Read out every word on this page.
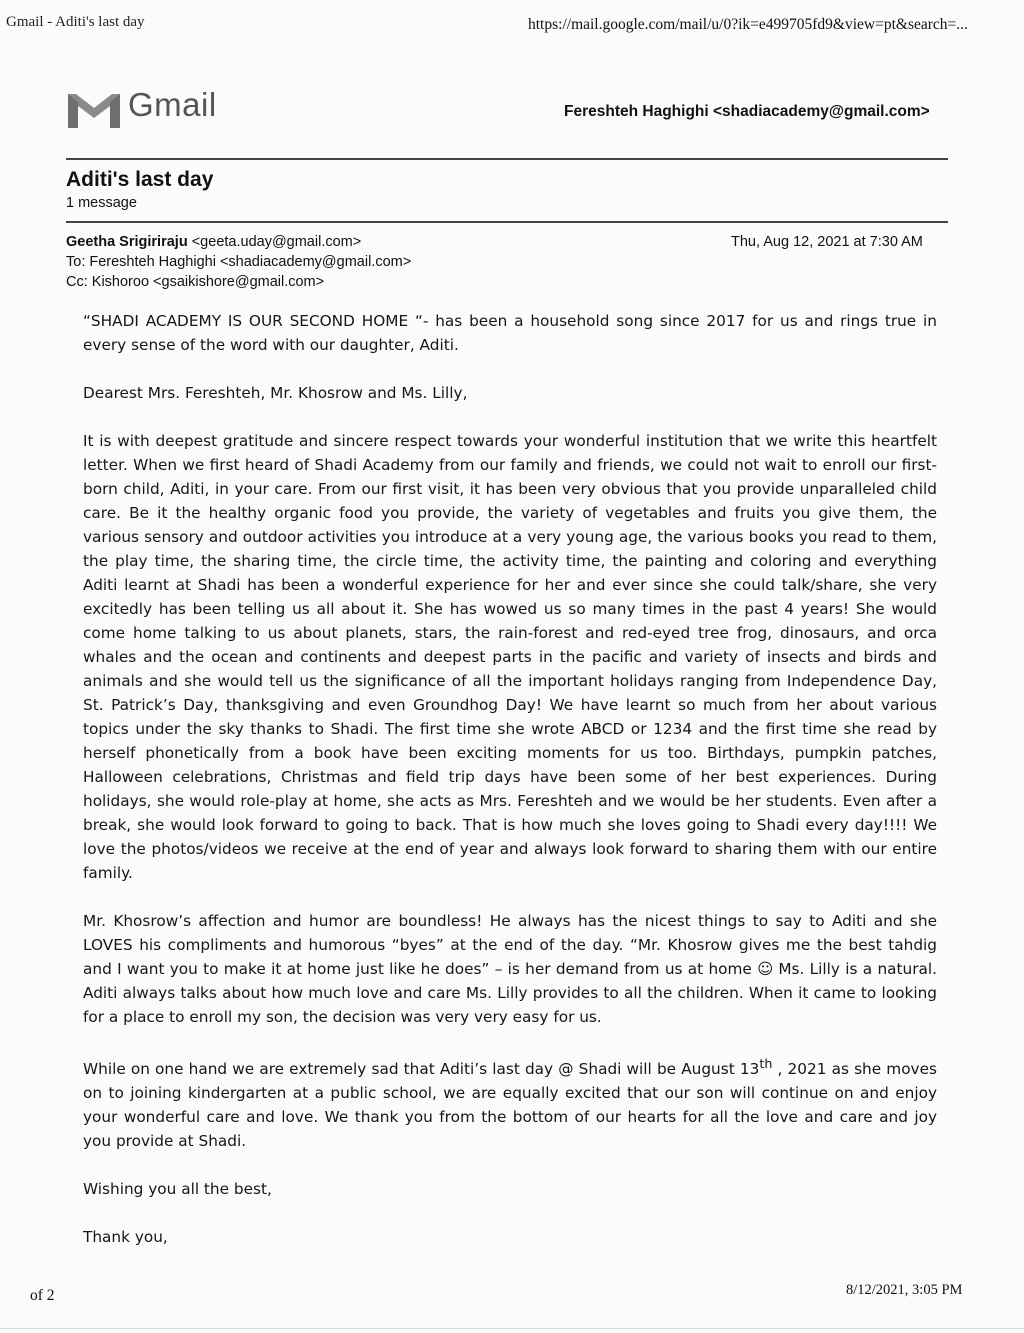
Gmail - Aditi's last day	https://mail.google.com/mail/u/0?ik=e499705fd9&view=pt&search=...
Gmail	Fereshteh Haghighi <shadiacademy@gmail.com>
Aditi's last day
1 message
Geetha Srigiriraju <geeta.uday@gmail.com>	Thu, Aug 12, 2021 at 7:30 AM
To: Fereshteh Haghighi <shadiacademy@gmail.com>
Cc: Kishoroo <gsaikishore@gmail.com>

“SHADI ACADEMY IS OUR SECOND HOME “- has been a household song since 2017 for us and rings true in every sense of the word with our daughter, Aditi.

Dearest Mrs. Fereshteh, Mr. Khosrow and Ms. Lilly,

It is with deepest gratitude and sincere respect towards your wonderful institution that we write this heartfelt letter. When we first heard of Shadi Academy from our family and friends, we could not wait to enroll our first-born child, Aditi, in your care. From our first visit, it has been very obvious that you provide unparalleled child care. Be it the healthy organic food you provide, the variety of vegetables and fruits you give them, the various sensory and outdoor activities you introduce at a very young age, the various books you read to them, the play time, the sharing time, the circle time, the activity time, the painting and coloring and everything Aditi learnt at Shadi has been a wonderful experience for her and ever since she could talk/share, she very excitedly has been telling us all about it. She has wowed us so many times in the past 4 years! She would come home talking to us about planets, stars, the rain-forest and red-eyed tree frog, dinosaurs, and orca whales and the ocean and continents and deepest parts in the pacific and variety of insects and birds and animals and she would tell us the significance of all the important holidays ranging from Independence Day, St. Patrick’s Day, thanksgiving and even Groundhog Day! We have learnt so much from her about various topics under the sky thanks to Shadi. The first time she wrote ABCD or 1234 and the first time she read by herself phonetically from a book have been exciting moments for us too. Birthdays, pumpkin patches, Halloween celebrations, Christmas and field trip days have been some of her best experiences. During holidays, she would role-play at home, she acts as Mrs. Fereshteh and we would be her students. Even after a break, she would look forward to going to back. That is how much she loves going to Shadi every day!!!! We love the photos/videos we receive at the end of year and always look forward to sharing them with our entire family.

Mr. Khosrow’s affection and humor are boundless! He always has the nicest things to say to Aditi and she LOVES his compliments and humorous “byes” at the end of the day. “Mr. Khosrow gives me the best tahdig and I want you to make it at home just like he does” – is her demand from us at home ☺ Ms. Lilly is a natural. Aditi always talks about how much love and care Ms. Lilly provides to all the children. When it came to looking for a place to enroll my son, the decision was very very easy for us.

While on one hand we are extremely sad that Aditi’s last day @ Shadi will be August 13th , 2021 as she moves on to joining kindergarten at a public school, we are equally excited that our son will continue on and enjoy your wonderful care and love. We thank you from the bottom of our hearts for all the love and care and joy you provide at Shadi.

Wishing you all the best,

Thank you,

of 2	8/12/2021, 3:05 PM
